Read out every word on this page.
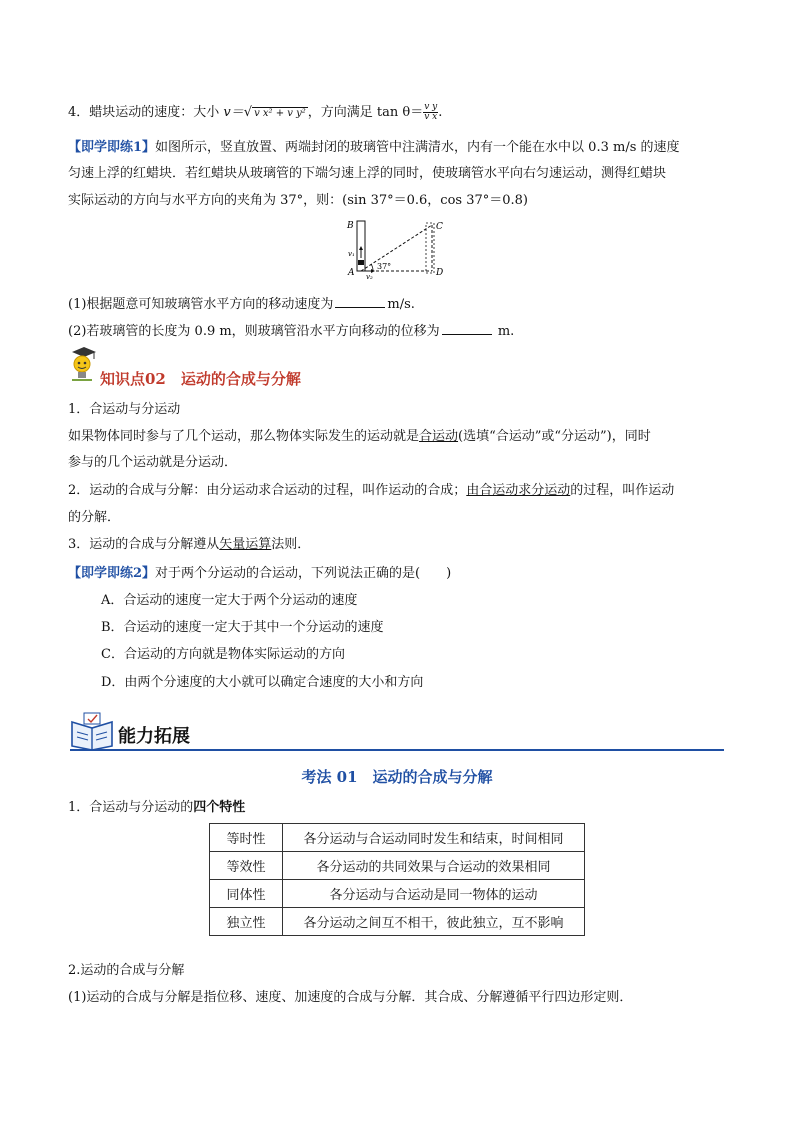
4．蜡块运动的速度：大小 v＝√ v x² + v y² ，方向满足 $\tan \theta= \frac{\text{v y}}{\text{v x}}$ .
【即学即练1】如图所示，竖直放置、两端封闭的玻璃管中注满清水，内有一个能在水中以 0.3 m/s 的速度
匀速上浮的红蜡块．若红蜡块从玻璃管的下端匀速上浮的同时，使玻璃管水平向右匀速运动，测得红蜡块
实际运动的方向与水平方向的夹角为 37°，则：(sin 37°＝0.6，cos 37°＝0.8)
B	C
A	D
v₁
v₂
37°
(1)根据题意可知玻璃管水平方向的移动速度为	m/s.
(2)若玻璃管的长度为 0.9 m，则玻璃管沿水平方向移动的位移为	m.
知识点02　运动的合成与分解
1．合运动与分运动
如果物体同时参与了几个运动，那么物体实际发生的运动就是合运动(选填“合运动”或“分运动”)，同时
参与的几个运动就是分运动．
2．运动的合成与分解：由分运动求合运动的过程，叫作运动的合成；由合运动求分运动的过程，叫作运动
的分解．
3．运动的合成与分解遵从矢量运算法则．
【即学即练2】对于两个分运动的合运动，下列说法正确的是(　　)
A．合运动的速度一定大于两个分运动的速度
B．合运动的速度一定大于其中一个分运动的速度
C．合运动的方向就是物体实际运动的方向
D．由两个分速度的大小就可以确定合速度的大小和方向
能力拓展
考法 01　运动的合成与分解
1．合运动与分运动的四个特性
等时性	各分运动与合运动同时发生和结束，时间相同
等效性	各分运动的共同效果与合运动的效果相同
同体性	各分运动与合运动是同一物体的运动
独立性	各分运动之间互不相干，彼此独立，互不影响
2.运动的合成与分解
(1)运动的合成与分解是指位移、速度、加速度的合成与分解．其合成、分解遵循平行四边形定则．
